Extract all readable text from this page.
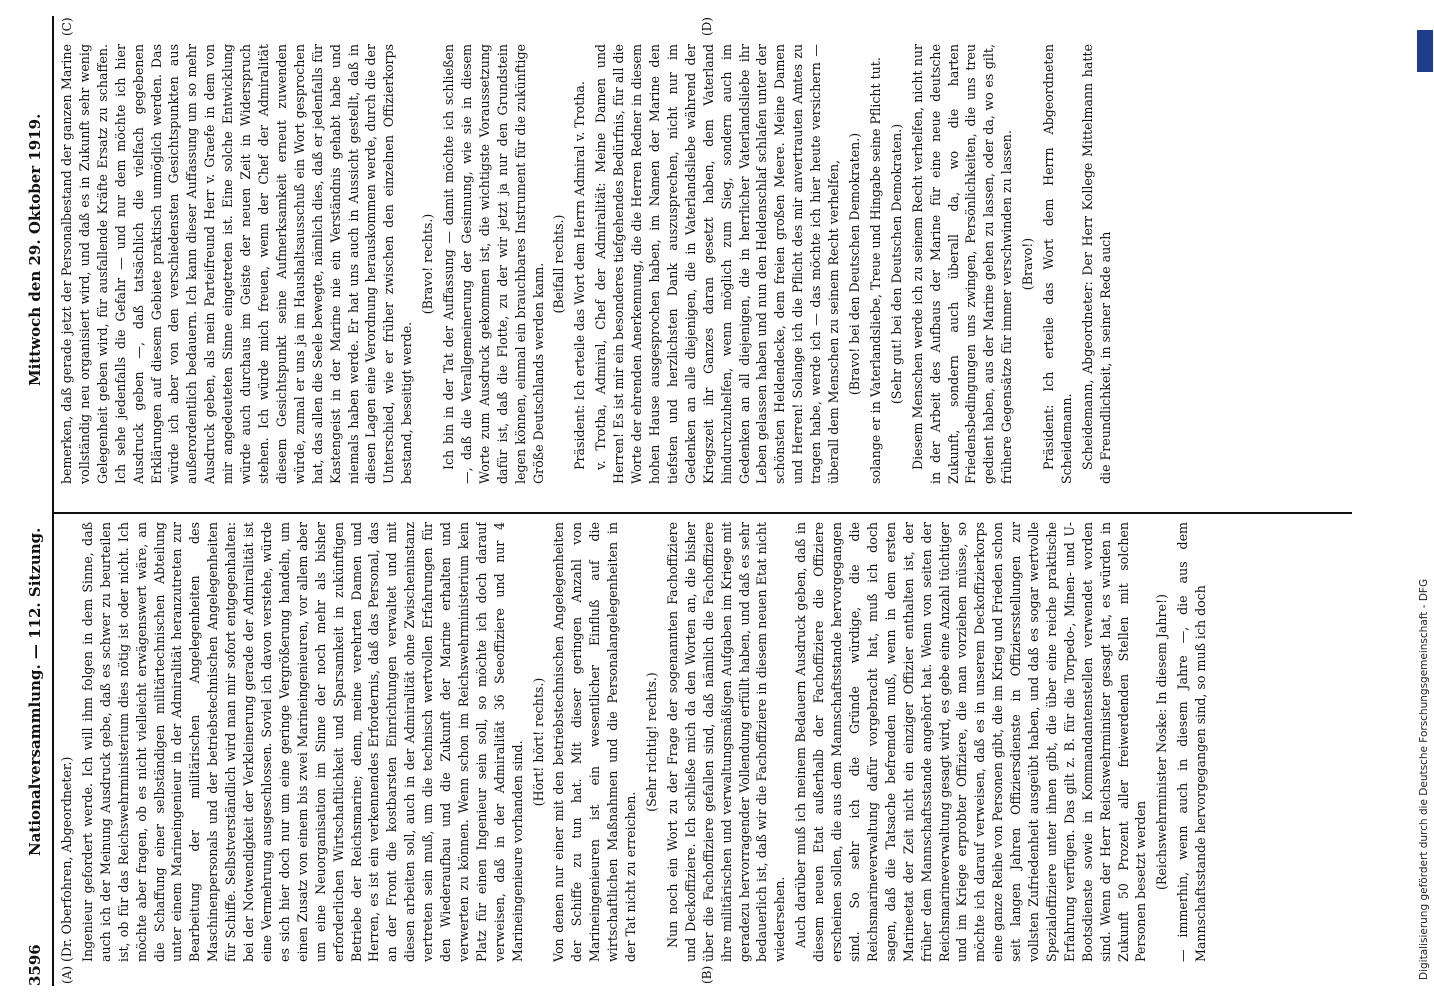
3596
Nationalversammlung. — 112. Sitzung.
Mittwoch den 29. Oktober 1919.
(A)	(B)
(C)	(D)

(Dr. Oberfohren, Abgeordneter.) Ingenieur gefordert werde. Ich will ihm folgen in dem Sinne, daß auch ich der Meinung Ausdruck gebe, daß es schwer zu beurteilen ist, ob für das Reichswehrministerium dies nötig ist oder nicht. Ich möchte aber fragen, ob es nicht vielleicht erwägenswert wäre, an die Schaffung einer selbständigen militärtechnischen Abteilung unter einem Marineingenieur in der Admiralität heranzutreten zur Bearbeitung der militärischen Angelegenheiten des Maschinenpersonals und der betriebstechnischen Angelegenheiten für Schiffe. Selbstverständlich wird man mir sofort entgegenhalten: bei der Notwendigkeit der Verkleinerung gerade der Admiralität ist eine Vermehrung ausgeschlossen. Soviel ich davon verstehe, würde es sich hier doch nur um eine geringe Vergrößerung handeln, um einen Zusatz von einem bis zwei Marineingenieuren, vor allem aber um eine Neuorganisation im Sinne der noch mehr als bisher erforderlichen Wirtschaftlichkeit und Sparsamkeit in zukünftigen Betriebe der Reichsmarine; denn, meine verehrten Damen und Herren, es ist ein verkennendes Erfordernis, daß das Personal, das an der Front die kostbarsten Einrichtungen verwaltet und mit diesen arbeiten soll, auch in der Admiralität ohne Zwischeninstanz vertreten sein muß, um die technisch wertvollen Erfahrungen für den Wiederaufbau und die Zukunft der Marine erhalten und verwerten zu können. Wenn schon im Reichswehrministerium kein Platz für einen Ingenieur sein soll, so möchte ich doch darauf verweisen, daß in der Admiralität 36 Seeoffiziere und nur 4 Marineingenieure vorhanden sind. (Hört! hört! rechts.) Von denen nur einer mit den betriebstechnischen Angelegenheiten der Schiffe zu tun hat. Mit dieser geringen Anzahl von Marineingenieuren ist ein wesentlicher Einfluß auf die wirtschaftlichen Maßnahmen und die Personalangelegenheiten in der Tat nicht zu erreichen.

(Sehr richtig! rechts.) Nun noch ein Wort zu der Frage der sogenannten Fachoffiziere und Deckoffiziere. Ich schließe mich da den Worten an, die bisher über die Fachoffiziere gefallen sind, daß nämlich die Fachoffiziere ihre militärischen und verwaltungsmäßigen Aufgaben im Kriege mit geradezu hervorragender Vollendung erfüllt haben, und daß es sehr bedauerlich ist, daß wir die Fachoffiziere in diesem neuen Etat nicht wiedersehen. Auch darüber muß ich meinem Bedauern Ausdruck geben, daß in diesem neuen Etat außerhalb der Fachoffiziere die Offiziere erscheinen sollen, die aus dem Mannschaftsstande hervorgegangen sind. So sehr ich die Gründe würdige, die die Reichsmarineverwaltung dafür vorgebracht hat, muß ich doch sagen, daß die Tatsache befremden muß, wenn in dem ersten Marineetat der Zeit nicht ein einziger Offizier enthalten ist, der früher dem Mannschaftsstande angehört hat. Wenn von seiten der Reichsmarineverwaltung gesagt wird, es gebe eine Anzahl tüchtiger und im Kriege erprobter Offiziere, die man vorziehen müsse, so möchte ich darauf verweisen, daß es in unserem Deckoffizierkorps eine ganze Reihe von Personen gibt, die im Krieg und Frieden schon seit langen Jahren Offiziersdienste in Offiziersstellungen zur vollsten Zufriedenheit ausgeübt haben, und daß es sogar wertvolle Spezialoffiziere unter ihnen gibt, die über eine reiche praktische Erfahrung verfügen. Das gilt z. B. für die Torpedo-, Minen- und U-Bootsdienste sowie in Kommandantenstellen verwendet worden sind. Wenn der Herr Reichswehrminister gesagt hat, es würden in Zukunft 50 Prozent aller freiwerdenden Stellen mit solchen Personen besetzt werden (Reichswehrminister Noske: In diesem Jahre!) — immerhin, wenn auch in diesem Jahre —, die aus dem Mannschaftsstande hervorgegangen sind, so muß ich doch

bemerken, daß gerade jetzt der Personalbestand der ganzen Marine vollständig neu organisiert wird, und daß es in Zukunft sehr wenig Gelegenheit geben wird, für ausfallende Kräfte Ersatz zu schaffen. Ich sehe jedenfalls die Gefahr — und nur dem möchte ich hier Ausdruck geben —, daß tatsächlich die vielfach gegebenen Erklärungen auf diesem Gebiete praktisch unmöglich werden. Das würde ich aber von den verschiedensten Gesichtspunkten aus außerordentlich bedauern. Ich kann dieser Auffassung um so mehr Ausdruck geben, als mein Parteifreund Herr v. Graefe in dem von mir angedeuteten Sinne eingetreten ist. Eine solche Entwicklung würde auch durchaus im Geiste der neuen Zeit in Widerspruch stehen. Ich würde mich freuen, wenn der Chef der Admiralität diesem Gesichtspunkt seine Aufmerksamkeit erneut zuwenden würde, zumal er uns ja im Haushaltsausschuß ein Wort gesprochen hat, das allen die Seele bewegte, nämlich dies, daß er jedenfalls für Kastengeist in der Marine nie ein Verständnis gehabt habe und niemals haben werde. Er hat uns auch in Aussicht gestellt, daß in diesen Lagen eine Verordnung herauskommen werde, durch die der Unterschied, wie er früher zwischen den einzelnen Offizierkorps bestand, beseitigt werde.

(Bravo! rechts.) Ich bin in der Tat der Auffassung — damit möchte ich schließen —, daß die Verallgemeinerung der Gesinnung, wie sie in diesem Worte zum Ausdruck gekommen ist, die wichtigste Voraussetzung dafür ist, daß die Flotte, zu der wir jetzt ja nur den Grundstein legen können, einmal ein brauchbares Instrument für die zukünftige Größe Deutschlands werden kann. (Beifall rechts.) Präsident: Ich erteile das Wort dem Herrn Admiral v. Trotha. v. Trotha, Admiral, Chef der Admiralität: Meine Damen und Herren! Es ist mir ein besonderes tiefgehendes Bedürfnis, für all die Worte der ehrenden Anerkennung, die die Herren Redner in diesem hohen Hause ausgesprochen haben, im Namen der Marine den tiefsten und herzlichsten Dank auszusprechen, nicht nur im Gedenken an alle diejenigen, die in Vaterlandsliebe während der Kriegszeit ihr Ganzes daran gesetzt haben, dem Vaterland hindurchzuhelfen, wenn möglich zum Sieg, sondern auch im Gedenken an all diejenigen, die in herrlicher Vaterlandsliebe ihr Leben gelassen haben und nun den Heldenschlaf schlafen unter der schönsten Heldendecke, dem freien großen Meere. Meine Damen und Herren! Solange ich die Pflicht des mir anvertrauten Amtes zu tragen habe, werde ich — das möchte ich hier heute versichern — überall dem Menschen zu seinem Recht verhelfen, (Bravo! bei den Deutschen Demokraten.) solange er in Vaterlandsliebe, Treue und Hingabe seine Pflicht tut. (Sehr gut! bei den Deutschen Demokraten.) Diesem Menschen werde ich zu seinem Recht verhelfen, nicht nur in der Arbeit des Aufbaus der Marine für eine neue deutsche Zukunft, sondern auch überall da, wo die harten Friedensbedingungen uns zwingen, Persönlichkeiten, die uns treu gedient haben, aus der Marine gehen zu lassen, oder da, wo es gilt, frühere Gegensätze für immer verschwinden zu lassen. (Bravo!) Präsident: Ich erteile das Wort dem Herrn Abgeordneten Scheidemann. Scheidemann, Abgeordneter: Der Herr Kollege Mittelmann hatte die Freundlichkeit, in seiner Rede auch

Digitalisierung gefördert durch die Deutsche Forschungsgemeinschaft - DFG
